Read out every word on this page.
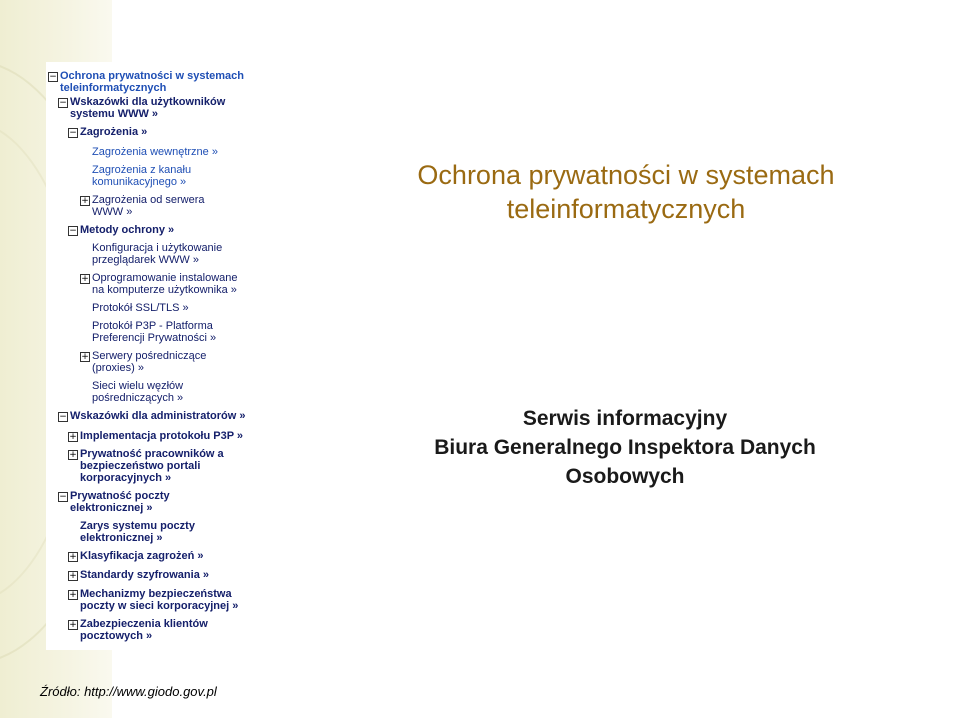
− Ochrona prywatności w systemach
teleinformatycznych
− Wskazówki dla użytkowników
systemu WWW »
− Zagrożenia »
Zagrożenia wewnętrzne »
Zagrożenia z kanału
komunikacyjnego »
+ Zagrożenia od serwera
WWW »
− Metody ochrony »
Konfiguracja i użytkowanie
przeglądarek WWW »
+ Oprogramowanie instalowane
na komputerze użytkownika »
Protokół SSL/TLS »
Protokół P3P - Platforma
Preferencji Prywatności »
+ Serwery pośredniczące
(proxies) »
Sieci wielu węzłów
pośredniczących »
− Wskazówki dla administratorów »
+ Implementacja protokołu P3P »
+ Prywatność pracowników a
bezpieczeństwo portali
korporacyjnych »
− Prywatność poczty
elektronicznej »
Zarys systemu poczty
elektronicznej »
+ Klasyfikacja zagrożeń »
+ Standardy szyfrowania »
+ Mechanizmy bezpieczeństwa
poczty w sieci korporacyjnej »
+ Zabezpieczenia klientów
pocztowych »
Ochrona prywatności w systemach
teleinformatycznych
Serwis informacyjny
Biura Generalnego Inspektora Danych
Osobowych
Źródło: http://www.giodo.gov.pl
